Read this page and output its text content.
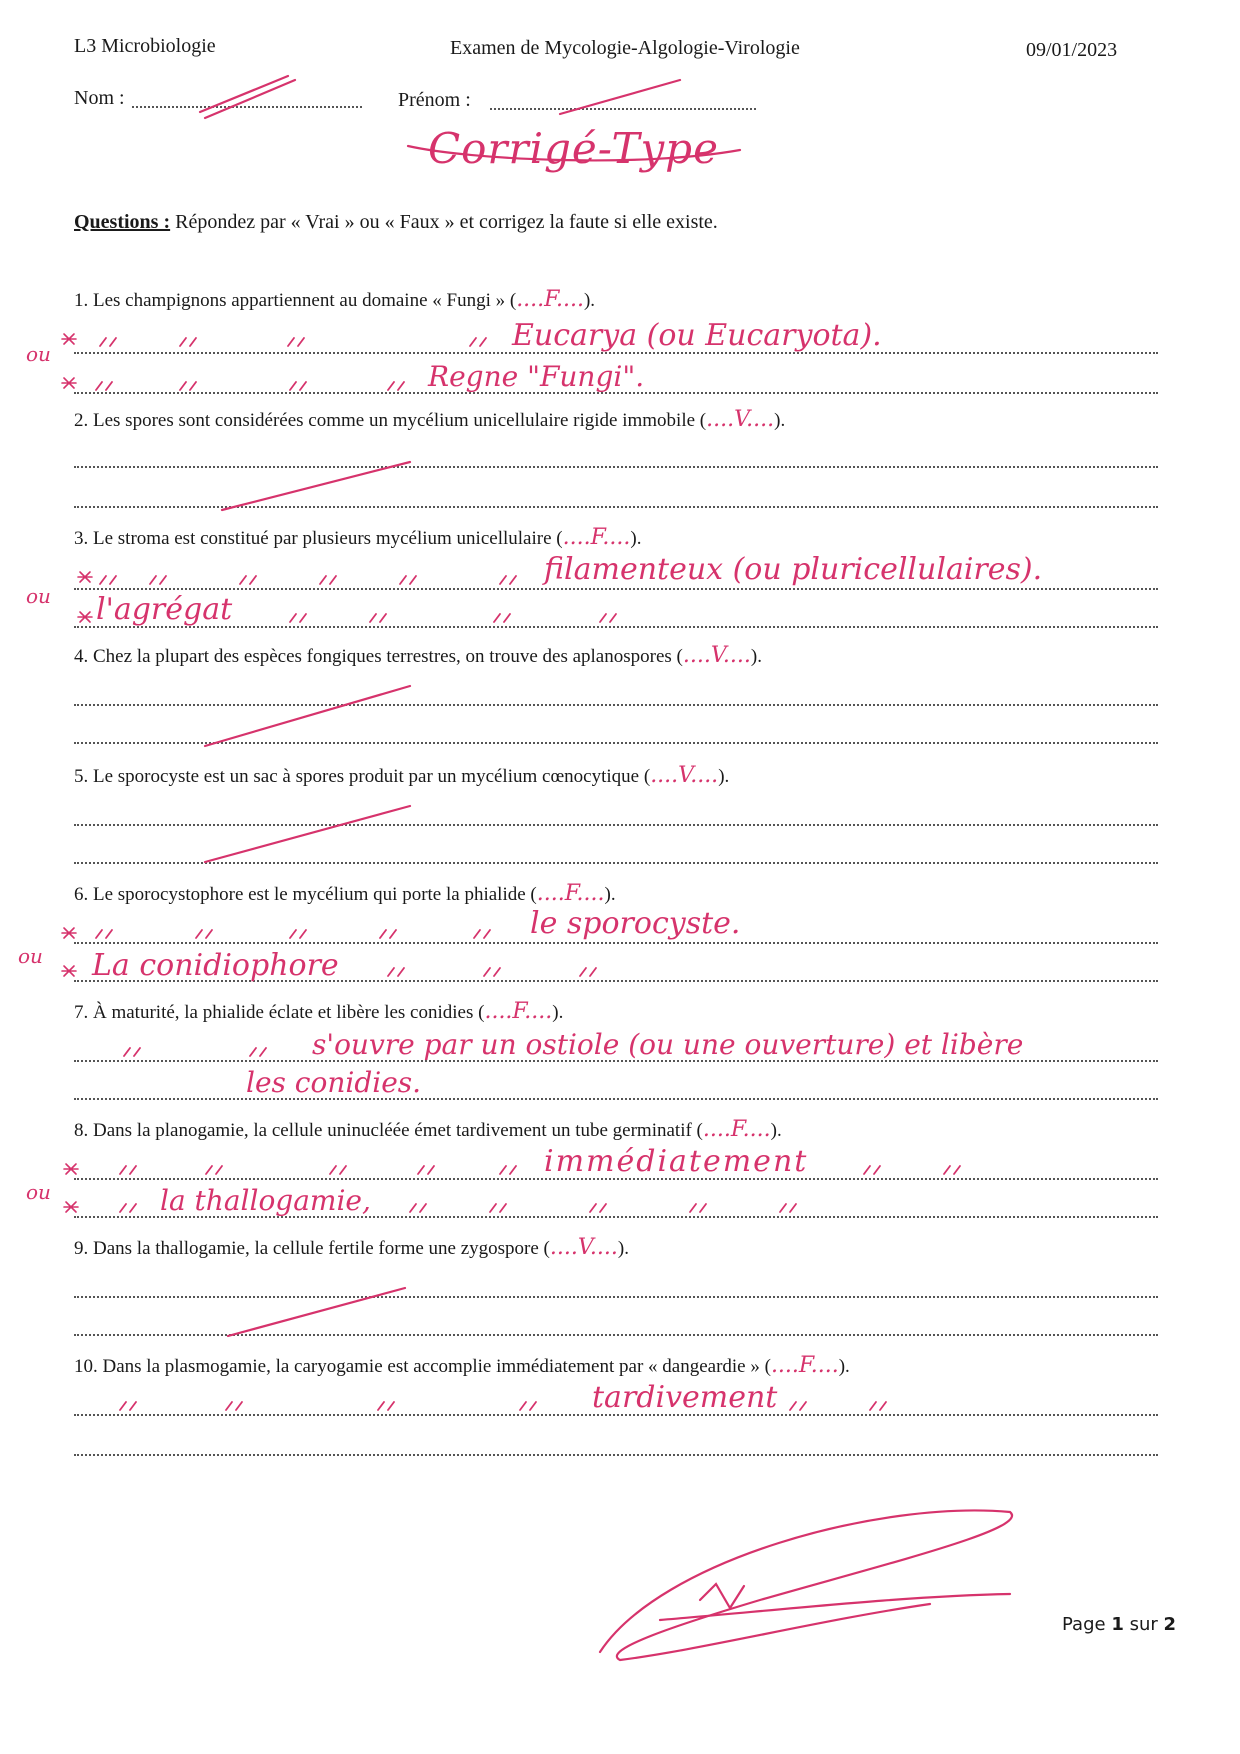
L3 Microbiologie	Examen de Mycologie-Algologie-Virologie	09/01/2023
Nom :	Prénom :
Corrigé-Type
Questions : Répondez par « Vrai » ou « Faux » et corrigez la faute si elle existe.
1. Les champignons appartiennent au domaine « Fungi » (....F....).
Eucarya (ou Eucaryota).
Regne "Fungi".
ou
2. Les spores sont considérées comme un mycélium unicellulaire rigide immobile (....V....).
3. Le stroma est constitué par plusieurs mycélium unicellulaire (....F....).
filamenteux (ou pluricellulaires).
l'agrégat
ou
4. Chez la plupart des espèces fongiques terrestres, on trouve des aplanospores (....V....).
5. Le sporocyste est un sac à spores produit par un mycélium cœnocytique (....V....).
6. Le sporocystophore est le mycélium qui porte la phialide (....F....).
le sporocyste.
La conidiophore
ou
7. À maturité, la phialide éclate et libère les conidies (....F....).
s'ouvre par un ostiole (ou une ouverture) et libère
les conidies.
8. Dans la planogamie, la cellule uninucléée émet tardivement un tube germinatif (....F....).
immédiatement
la thallogamie,
ou
9. Dans la thallogamie, la cellule fertile forme une zygospore (....V....).
10. Dans la plasmogamie, la caryogamie est accomplie immédiatement par « dangeardie » (....F....).
tardivement
Page 1 sur 2
